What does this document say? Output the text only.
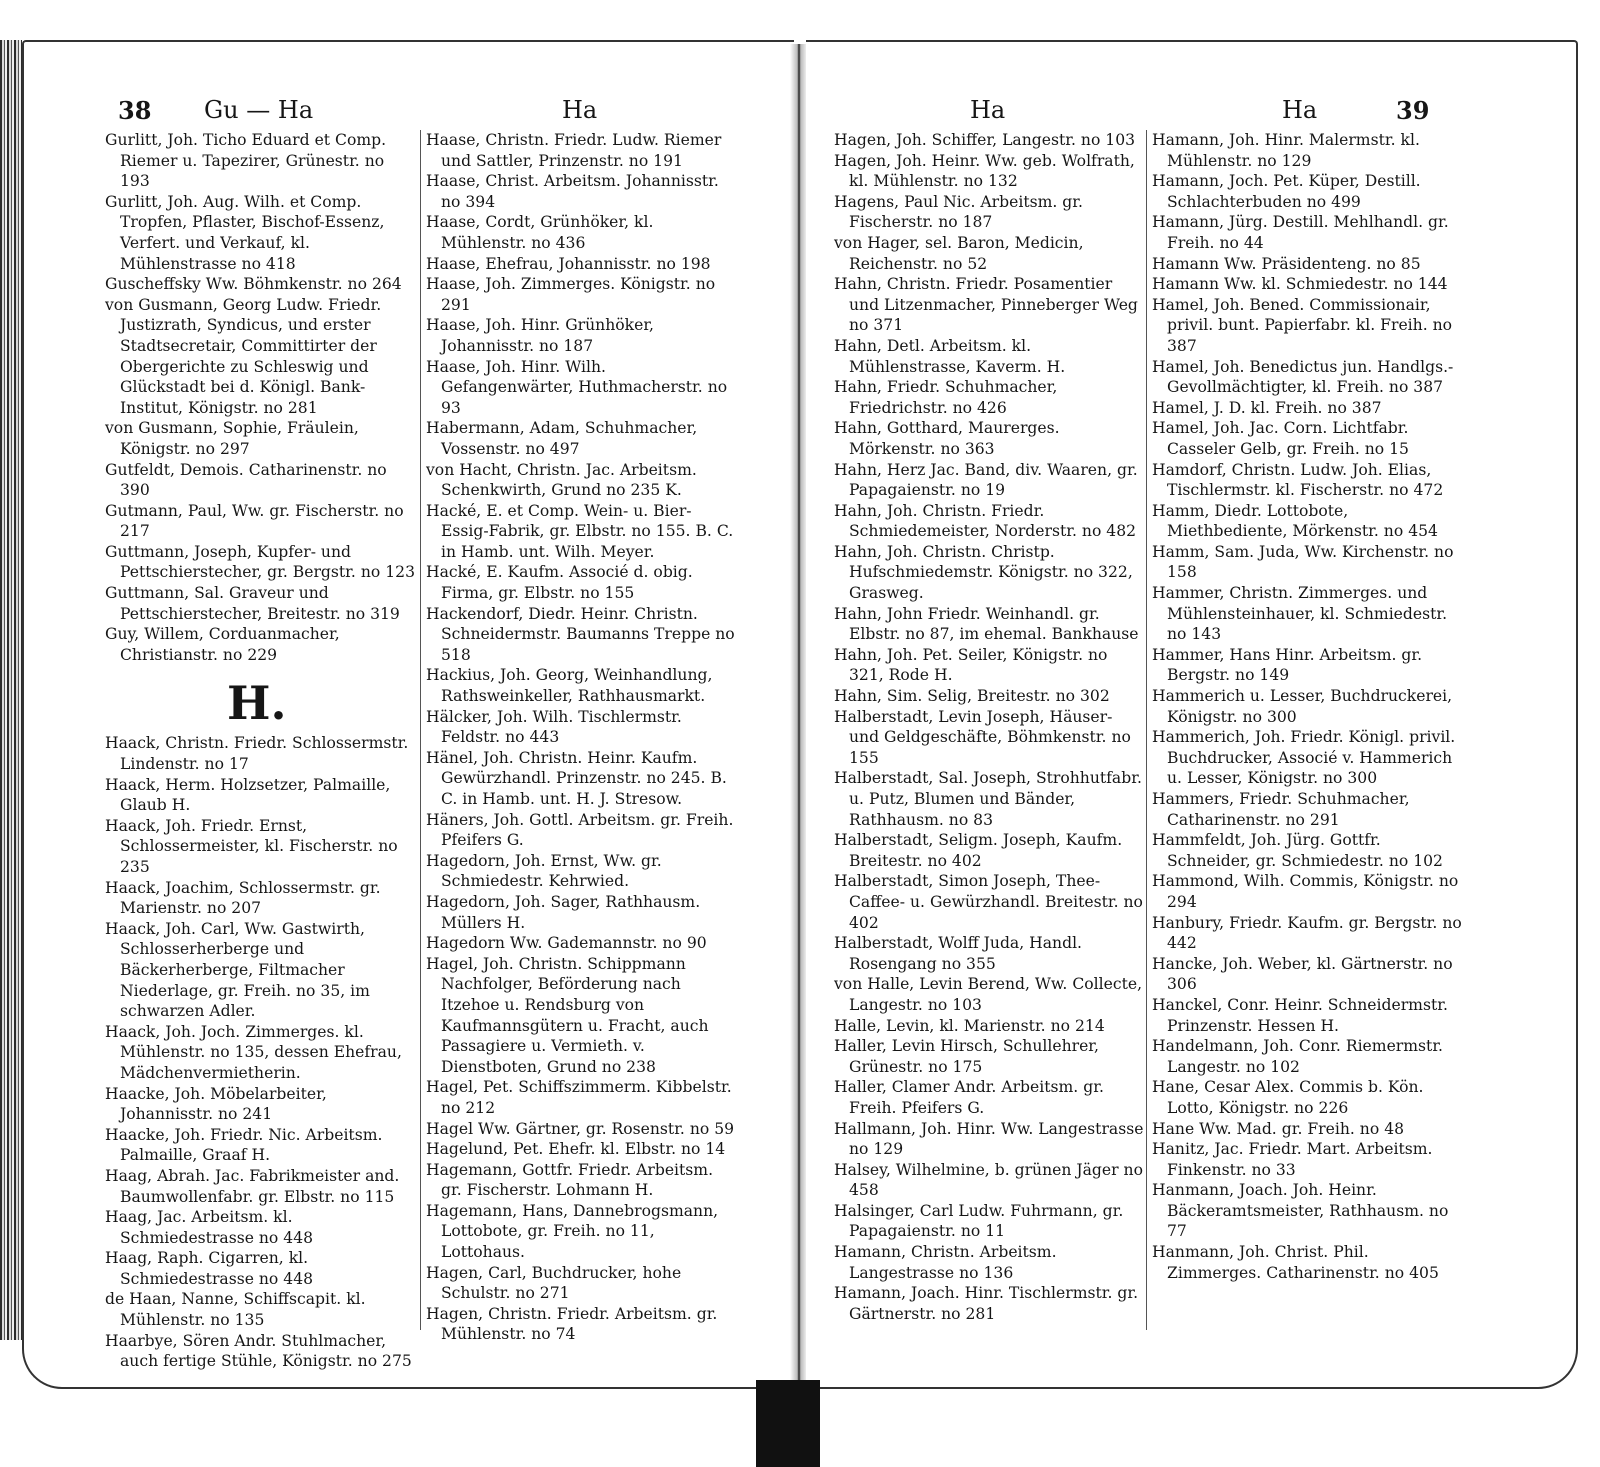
38 Gu — Ha	Ha	Ha	Ha	39

Gurlitt, Joh. Ticho Eduard et Comp. Riemer u. Tapezirer, Grünestr. no 193

Gurlitt, Joh. Aug. Wilh. et Comp. Tropfen, Pflaster, Bischof-Essenz, Verfert. und Verkauf, kl. Mühlenstrasse no 418

Guscheffsky Ww. Böhmkenstr. no 264

von Gusmann, Georg Ludw. Friedr. Justizrath, Syndicus, und erster Stadtsecretair, Committirter der Obergerichte zu Schleswig und Glückstadt bei d. Königl. Bank-Institut, Königstr. no 281

von Gusmann, Sophie, Fräulein, Königstr. no 297

Gutfeldt, Demois. Catharinenstr. no 390

Gutmann, Paul, Ww. gr. Fischerstr. no 217

Guttmann, Joseph, Kupfer- und Pettschierstecher, gr. Bergstr. no 123

Guttmann, Sal. Graveur und Pettschierstecher, Breitestr. no 319

Guy, Willem, Corduanmacher, Christianstr. no 229

H.

Haack, Christn. Friedr. Schlossermstr. Lindenstr. no 17

Haack, Herm. Holzsetzer, Palmaille, Glaub H.

Haack, Joh. Friedr. Ernst, Schlossermeister, kl. Fischerstr. no 235

Haack, Joachim, Schlossermstr. gr. Marienstr. no 207

Haack, Joh. Carl, Ww. Gastwirth, Schlosserherberge und Bäckerherberge, Filtmacher Niederlage, gr. Freih. no 35, im schwarzen Adler.

Haack, Joh. Joch. Zimmerges. kl. Mühlenstr. no 135, dessen Ehefrau, Mädchenvermietherin.

Haacke, Joh. Möbelarbeiter, Johannisstr. no 241

Haacke, Joh. Friedr. Nic. Arbeitsm. Palmaille, Graaf H.

Haag, Abrah. Jac. Fabrikmeister and. Baumwollenfabr. gr. Elbstr. no 115

Haag, Jac. Arbeitsm. kl. Schmiedestrasse no 448

Haag, Raph. Cigarren, kl. Schmiedestrasse no 448

de Haan, Nanne, Schiffscapit. kl. Mühlenstr. no 135

Haarbye, Sören Andr. Stuhlmacher, auch fertige Stühle, Königstr. no 275

Haase, Christn. Friedr. Ludw. Riemer und Sattler, Prinzenstr. no 191

Haase, Christ. Arbeitsm. Johannisstr. no 394

Haase, Cordt, Grünhöker, kl. Mühlenstr. no 436

Haase, Ehefrau, Johannisstr. no 198

Haase, Joh. Zimmerges. Königstr. no 291

Haase, Joh. Hinr. Grünhöker, Johannisstr. no 187

Haase, Joh. Hinr. Wilh. Gefangenwärter, Huthmacherstr. no 93

Habermann, Adam, Schuhmacher, Vossenstr. no 497

von Hacht, Christn. Jac. Arbeitsm. Schenkwirth, Grund no 235 K.

Hacké, E. et Comp. Wein- u. Bier-Essig-Fabrik, gr. Elbstr. no 155. B. C. in Hamb. unt. Wilh. Meyer.

Hacké, E. Kaufm. Associé d. obig. Firma, gr. Elbstr. no 155

Hackendorf, Diedr. Heinr. Christn. Schneidermstr. Baumanns Treppe no 518

Hackius, Joh. Georg, Weinhandlung, Rathsweinkeller, Rathhausmarkt.

Hälcker, Joh. Wilh. Tischlermstr. Feldstr. no 443

Hänel, Joh. Christn. Heinr. Kaufm. Gewürzhandl. Prinzenstr. no 245. B. C. in Hamb. unt. H. J. Stresow.

Häners, Joh. Gottl. Arbeitsm. gr. Freih. Pfeifers G.

Hagedorn, Joh. Ernst, Ww. gr. Schmiedestr. Kehrwied.

Hagedorn, Joh. Sager, Rathhausm. Müllers H.

Hagedorn Ww. Gademannstr. no 90

Hagel, Joh. Christn. Schippmann Nachfolger, Beförderung nach Itzehoe u. Rendsburg von Kaufmannsgütern u. Fracht, auch Passagiere u. Vermieth. v. Dienstboten, Grund no 238

Hagel, Pet. Schiffszimmerm. Kibbelstr. no 212

Hagel Ww. Gärtner, gr. Rosenstr. no 59

Hagelund, Pet. Ehefr. kl. Elbstr. no 14

Hagemann, Gottfr. Friedr. Arbeitsm. gr. Fischerstr. Lohmann H.

Hagemann, Hans, Dannebrogsmann, Lottobote, gr. Freih. no 11, Lottohaus.

Hagen, Carl, Buchdrucker, hohe Schulstr. no 271

Hagen, Christn. Friedr. Arbeitsm. gr. Mühlenstr. no 74

Hagen, Joh. Schiffer, Langestr. no 103

Hagen, Joh. Heinr. Ww. geb. Wolfrath, kl. Mühlenstr. no 132

Hagens, Paul Nic. Arbeitsm. gr. Fischerstr. no 187

von Hager, sel. Baron, Medicin, Reichenstr. no 52

Hahn, Christn. Friedr. Posamentier und Litzenmacher, Pinneberger Weg no 371

Hahn, Detl. Arbeitsm. kl. Mühlenstrasse, Kaverm. H.

Hahn, Friedr. Schuhmacher, Friedrichstr. no 426

Hahn, Gotthard, Maurerges. Mörkenstr. no 363

Hahn, Herz Jac. Band, div. Waaren, gr. Papagaienstr. no 19

Hahn, Joh. Christn. Friedr. Schmiedemeister, Norderstr. no 482

Hahn, Joh. Christn. Christp. Hufschmiedemstr. Königstr. no 322, Grasweg.

Hahn, John Friedr. Weinhandl. gr. Elbstr. no 87, im ehemal. Bankhause

Hahn, Joh. Pet. Seiler, Königstr. no 321, Rode H.

Hahn, Sim. Selig, Breitestr. no 302

Halberstadt, Levin Joseph, Häuser- und Geldgeschäfte, Böhmkenstr. no 155

Halberstadt, Sal. Joseph, Strohhutfabr. u. Putz, Blumen und Bänder, Rathhausm. no 83

Halberstadt, Seligm. Joseph, Kaufm. Breitestr. no 402

Halberstadt, Simon Joseph, Thee-Caffee- u. Gewürzhandl. Breitestr. no 402

Halberstadt, Wolff Juda, Handl. Rosengang no 355

von Halle, Levin Berend, Ww. Collecte, Langestr. no 103

Halle, Levin, kl. Marienstr. no 214

Haller, Levin Hirsch, Schullehrer, Grünestr. no 175

Haller, Clamer Andr. Arbeitsm. gr. Freih. Pfeifers G.

Hallmann, Joh. Hinr. Ww. Langestrasse no 129

Halsey, Wilhelmine, b. grünen Jäger no 458

Halsinger, Carl Ludw. Fuhrmann, gr. Papagaienstr. no 11

Hamann, Christn. Arbeitsm. Langestrasse no 136

Hamann, Joach. Hinr. Tischlermstr. gr. Gärtnerstr. no 281

Hamann, Joh. Hinr. Malermstr. kl. Mühlenstr. no 129

Hamann, Joch. Pet. Küper, Destill. Schlachterbuden no 499

Hamann, Jürg. Destill. Mehlhandl. gr. Freih. no 44

Hamann Ww. Präsidenteng. no 85

Hamann Ww. kl. Schmiedestr. no 144

Hamel, Joh. Bened. Commissionair, privil. bunt. Papierfabr. kl. Freih. no 387

Hamel, Joh. Benedictus jun. Handlgs.-Gevollmächtigter, kl. Freih. no 387

Hamel, J. D. kl. Freih. no 387

Hamel, Joh. Jac. Corn. Lichtfabr. Casseler Gelb, gr. Freih. no 15

Hamdorf, Christn. Ludw. Joh. Elias, Tischlermstr. kl. Fischerstr. no 472

Hamm, Diedr. Lottobote, Miethbediente, Mörkenstr. no 454

Hamm, Sam. Juda, Ww. Kirchenstr. no 158

Hammer, Christn. Zimmerges. und Mühlensteinhauer, kl. Schmiedestr. no 143

Hammer, Hans Hinr. Arbeitsm. gr. Bergstr. no 149

Hammerich u. Lesser, Buchdruckerei, Königstr. no 300

Hammerich, Joh. Friedr. Königl. privil. Buchdrucker, Associé v. Hammerich u. Lesser, Königstr. no 300

Hammers, Friedr. Schuhmacher, Catharinenstr. no 291

Hammfeldt, Joh. Jürg. Gottfr. Schneider, gr. Schmiedestr. no 102

Hammond, Wilh. Commis, Königstr. no 294

Hanbury, Friedr. Kaufm. gr. Bergstr. no 442

Hancke, Joh. Weber, kl. Gärtnerstr. no 306

Hanckel, Conr. Heinr. Schneidermstr. Prinzenstr. Hessen H.

Handelmann, Joh. Conr. Riemermstr. Langestr. no 102

Hane, Cesar Alex. Commis b. Kön. Lotto, Königstr. no 226

Hane Ww. Mad. gr. Freih. no 48

Hanitz, Jac. Friedr. Mart. Arbeitsm. Finkenstr. no 33

Hanmann, Joach. Joh. Heinr. Bäckeramtsmeister, Rathhausm. no 77

Hanmann, Joh. Christ. Phil. Zimmerges. Catharinenstr. no 405
